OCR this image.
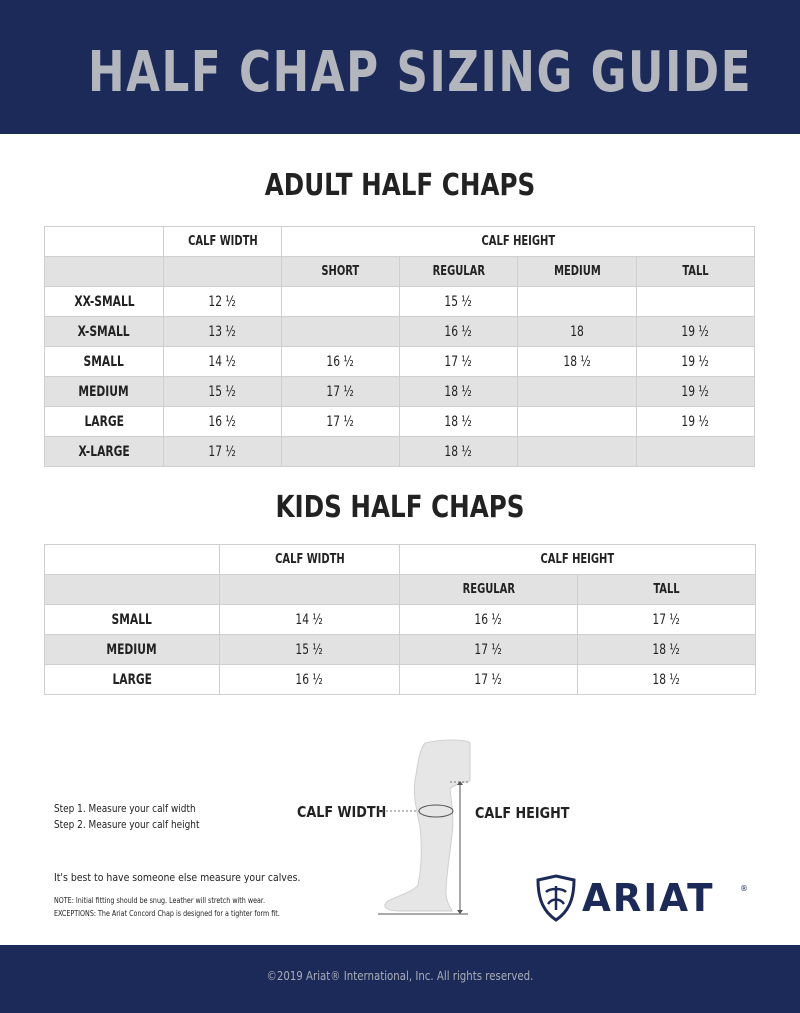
HALF CHAP SIZING GUIDE
ADULT HALF CHAPS
	CALF WIDTH	CALF HEIGHT			
		SHORT	REGULAR	MEDIUM	TALL
XX-SMALL	12 ½		15 ½		
X-SMALL	13 ½		16 ½	18	19 ½
SMALL	14 ½	16 ½	17 ½	18 ½	19 ½
MEDIUM	15 ½	17 ½	18 ½		19 ½
LARGE	16 ½	17 ½	18 ½		19 ½
X-LARGE	17 ½		18 ½		
KIDS HALF CHAPS
	CALF WIDTH	CALF HEIGHT	
		REGULAR	TALL
SMALL	14 ½	16 ½	17 ½
MEDIUM	15 ½	17 ½	18 ½
LARGE	16 ½	17 ½	18 ½
Step 1. Measure your calf width
Step 2. Measure your calf height
It's best to have someone else measure your calves.
NOTE: Initial fitting should be snug. Leather will stretch with wear.
EXCEPTIONS: The Ariat Concord Chap is designed for a tighter form fit.
CALF WIDTH	CALF HEIGHT
ARIAT	®

©2019 Ariat® International, Inc. All rights reserved.
